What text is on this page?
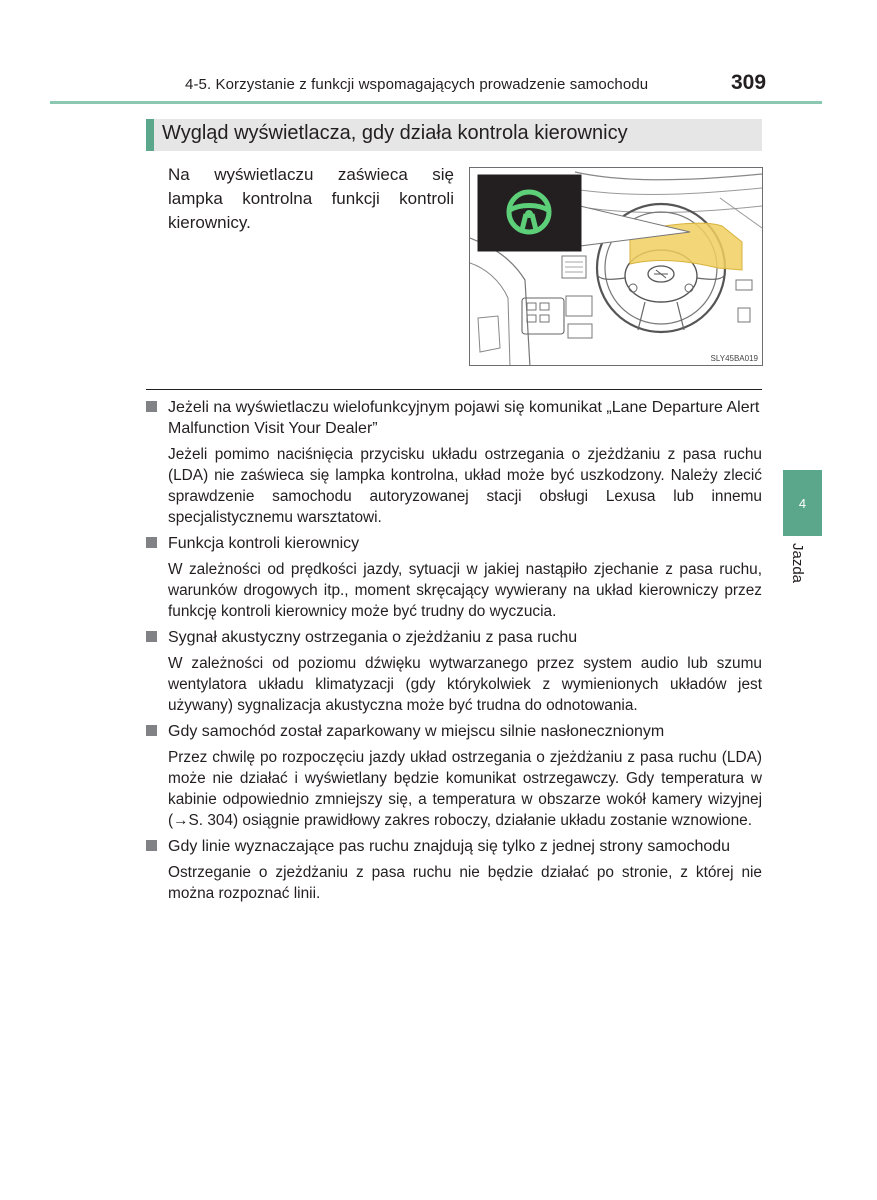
4-5. Korzystanie z funkcji wspomagających prowadzenie samochodu	309
Wygląd wyświetlacza, gdy działa kontrola kierownicy
Na wyświetlaczu zaświeca się lampka kontrolna funkcji kontroli kierownicy.
SLY45BA019
Jeżeli na wyświetlaczu wielofunkcyjnym pojawi się komunikat „Lane Departure Alert Malfunction Visit Your Dealer”
Jeżeli pomimo naciśnięcia przycisku układu ostrzegania o zjeżdżaniu z pasa ruchu (LDA) nie zaświeca się lampka kontrolna, układ może być uszkodzony. Należy zlecić sprawdzenie samochodu autoryzowanej stacji obsługi Lexusa lub innemu specjalistycznemu warsztatowi.
Funkcja kontroli kierownicy
W zależności od prędkości jazdy, sytuacji w jakiej nastąpiło zjechanie z pasa ruchu, warunków drogowych itp., moment skręcający wywierany na układ kierowniczy przez funkcję kontroli kierownicy może być trudny do wyczucia.
Sygnał akustyczny ostrzegania o zjeżdżaniu z pasa ruchu
W zależności od poziomu dźwięku wytwarzanego przez system audio lub szumu wentylatora układu klimatyzacji (gdy którykolwiek z wymienionych układów jest używany) sygnalizacja akustyczna może być trudna do odnotowania.
Gdy samochód został zaparkowany w miejscu silnie nasłonecznionym
Przez chwilę po rozpoczęciu jazdy układ ostrzegania o zjeżdżaniu z pasa ruchu (LDA) może nie działać i wyświetlany będzie komunikat ostrzegawczy. Gdy temperatura w kabinie odpowiednio zmniejszy się, a temperatura w obszarze wokół kamery wizyjnej (→S. 304) osiągnie prawidłowy zakres roboczy, działanie układu zostanie wznowione.
Gdy linie wyznaczające pas ruchu znajdują się tylko z jednej strony samochodu
Ostrzeganie o zjeżdżaniu z pasa ruchu nie będzie działać po stronie, z której nie można rozpoznać linii.
4
Jazda
